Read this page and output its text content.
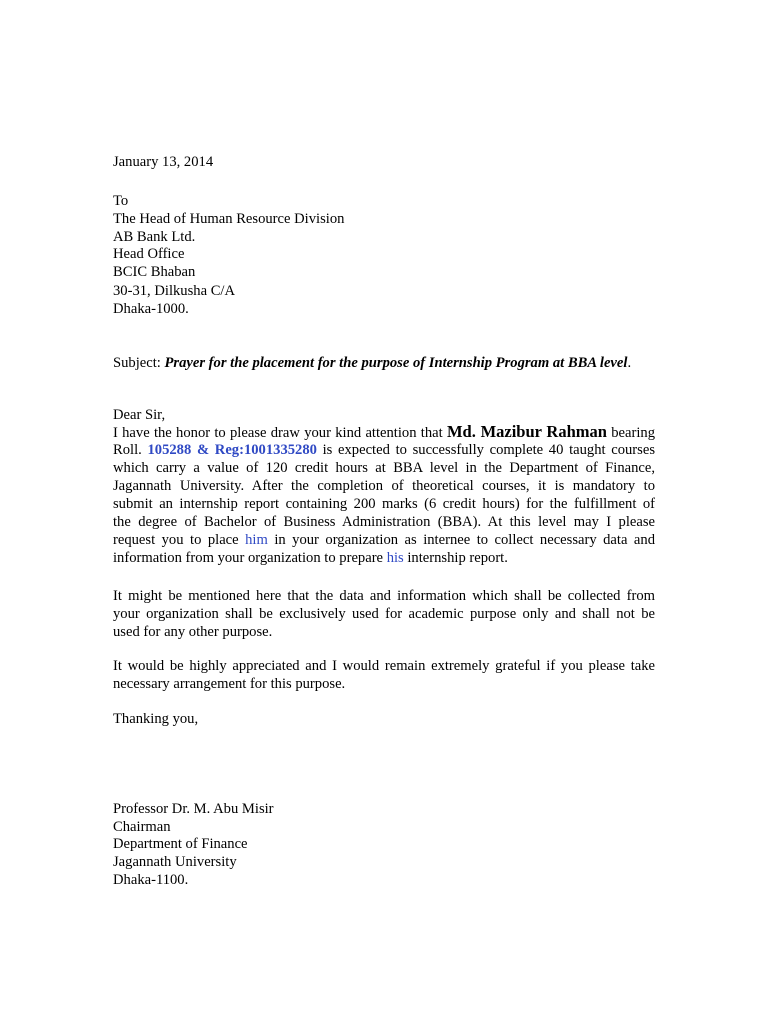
January 13, 2014
To
The Head of Human Resource Division
AB Bank Ltd.
Head Office
BCIC Bhaban
30-31, Dilkusha C/A
Dhaka-1000.
Subject: Prayer for the placement for the purpose of Internship Program at BBA level.
Dear Sir,
I have the honor to please draw your kind attention that Md. Mazibur Rahman bearing
Roll. 105288 & Reg:1001335280 is expected to successfully complete 40 taught courses
which carry a value of 120 credit hours at BBA level in the Department of Finance,
Jagannath University. After the completion of theoretical courses, it is mandatory to
submit an internship report containing 200 marks (6 credit hours) for the fulfillment of
the degree of Bachelor of Business Administration (BBA). At this level may I please
request you to place him in your organization as internee to collect necessary data and
information from your organization to prepare his internship report.
It might be mentioned here that the data and information which shall be collected from
your organization shall be exclusively used for academic purpose only and shall not be
used for any other purpose.
It would be highly appreciated and I would remain extremely grateful if you please take
necessary arrangement for this purpose.
Thanking you,
Professor Dr. M. Abu Misir
Chairman
Department of Finance
Jagannath University
Dhaka-1100.
